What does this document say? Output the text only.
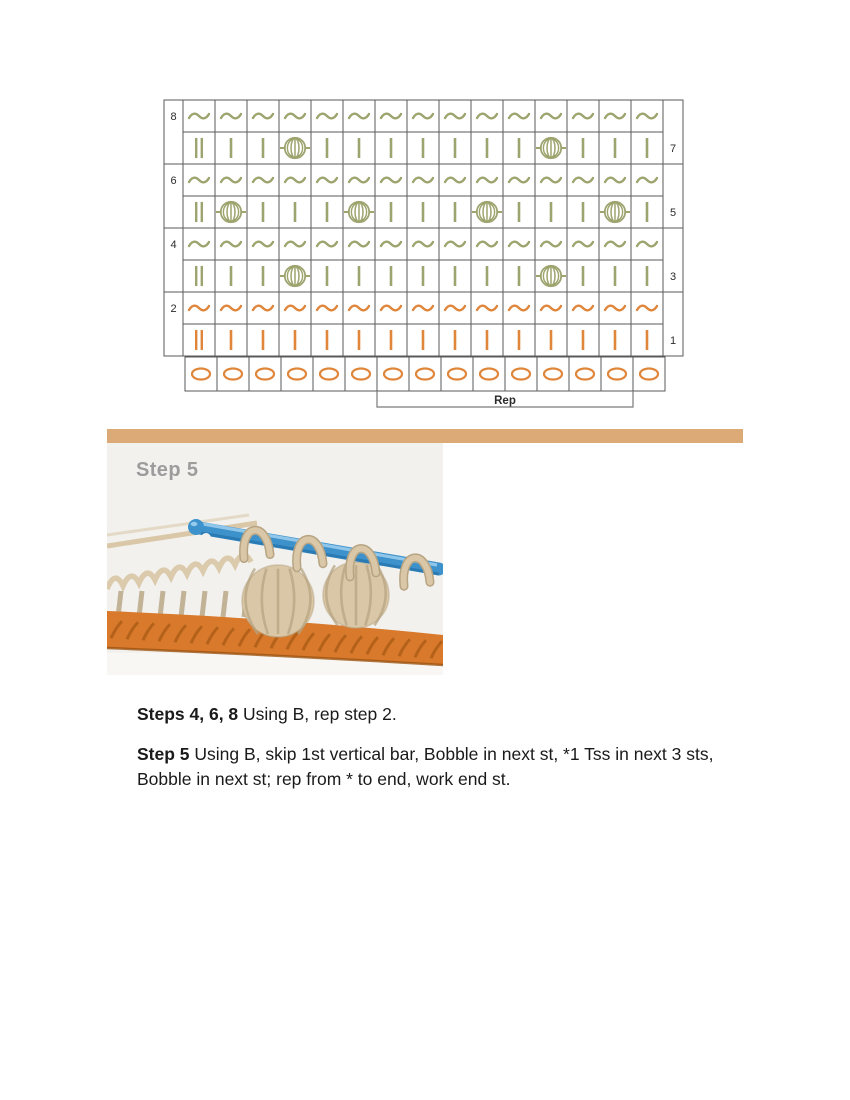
Rep
8
7
6
5
4
3
2
1
Step 5

Steps 4, 6, 8 Using B, rep step 2.

Step 5 Using B, skip 1st vertical bar, Bobble in next st, *1 Tss in next 3 sts, Bobble in next st; rep from * to end, work end st.
